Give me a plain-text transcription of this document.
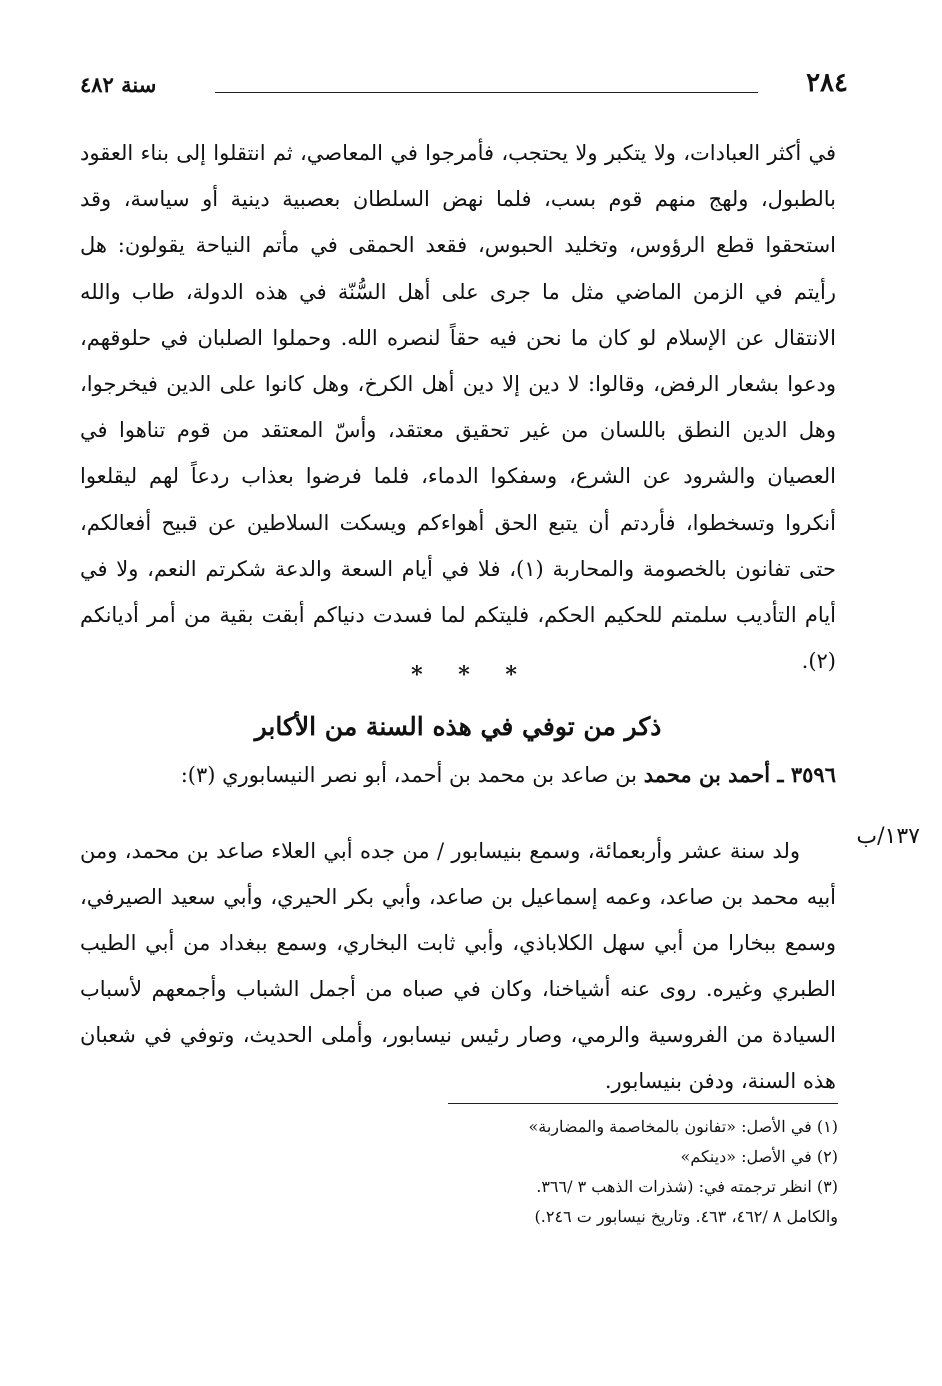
٢٨٤
سنة ٤٨٢

في أكثر العبادات، ولا يتكبر ولا يحتجب، فأمرجوا في المعاصي، ثم انتقلوا إلى بناء العقود بالطبول، ولهج منهم قوم بسب، فلما نهض السلطان بعصبية دينية أو سياسة، وقد استحقوا قطع الرؤوس، وتخليد الحبوس، فقعد الحمقى في مأتم النياحة يقولون: هل رأيتم في الزمن الماضي مثل ما جرى على أهل السُّنّة في هذه الدولة، طاب والله الانتقال عن الإسلام لو كان ما نحن فيه حقاً لنصره الله. وحملوا الصلبان في حلوقهم، ودعوا بشعار الرفض، وقالوا: لا دين إلا دين أهل الكرخ، وهل كانوا على الدين فيخرجوا، وهل الدين النطق باللسان من غير تحقيق معتقد، وأسّ المعتقد من قوم تناهوا في العصيان والشرود عن الشرع، وسفكوا الدماء، فلما فرضوا بعذاب ردعاً لهم ليقلعوا أنكروا وتسخطوا، فأردتم أن يتبع الحق أهواءكم ويسكت السلاطين عن قبيح أفعالكم، حتى تفانون بالخصومة والمحاربة (١)، فلا في أيام السعة والدعة شكرتم النعم، ولا في أيام التأديب سلمتم للحكيم الحكم، فليتكم لما فسدت دنياكم أبقت بقية من أمر أديانكم (٢).

* * *
ذكر من توفي في هذه السنة من الأكابر
٣٥٩٦ ـ أحمد بن محمد بن صاعد بن محمد بن أحمد، أبو نصر النيسابوري (٣):
١٣٧/ب

ولد سنة عشر وأربعمائة، وسمع بنيسابور / من جده أبي العلاء صاعد بن محمد، ومن أبيه محمد بن صاعد، وعمه إسماعيل بن صاعد، وأبي بكر الحيري، وأبي سعيد الصيرفي، وسمع ببخارا من أبي سهل الكلاباذي، وأبي ثابت البخاري، وسمع ببغداد من أبي الطيب الطبري وغيره. روى عنه أشياخنا، وكان في صباه من أجمل الشباب وأجمعهم لأسباب السيادة من الفروسية والرمي، وصار رئيس نيسابور، وأملى الحديث، وتوفي في شعبان هذه السنة، ودفن بنيسابور.

(١) في الأصل: «تفانون بالمخاصمة والمضاربة»

(٢) في الأصل: «دينكم»

(٣) انظر ترجمته في: (شذرات الذهب ٣ /٣٦٦.

والكامل ٨ /٤٦٢، ٤٦٣. وتاريخ نيسابور ت ٢٤٦.)
